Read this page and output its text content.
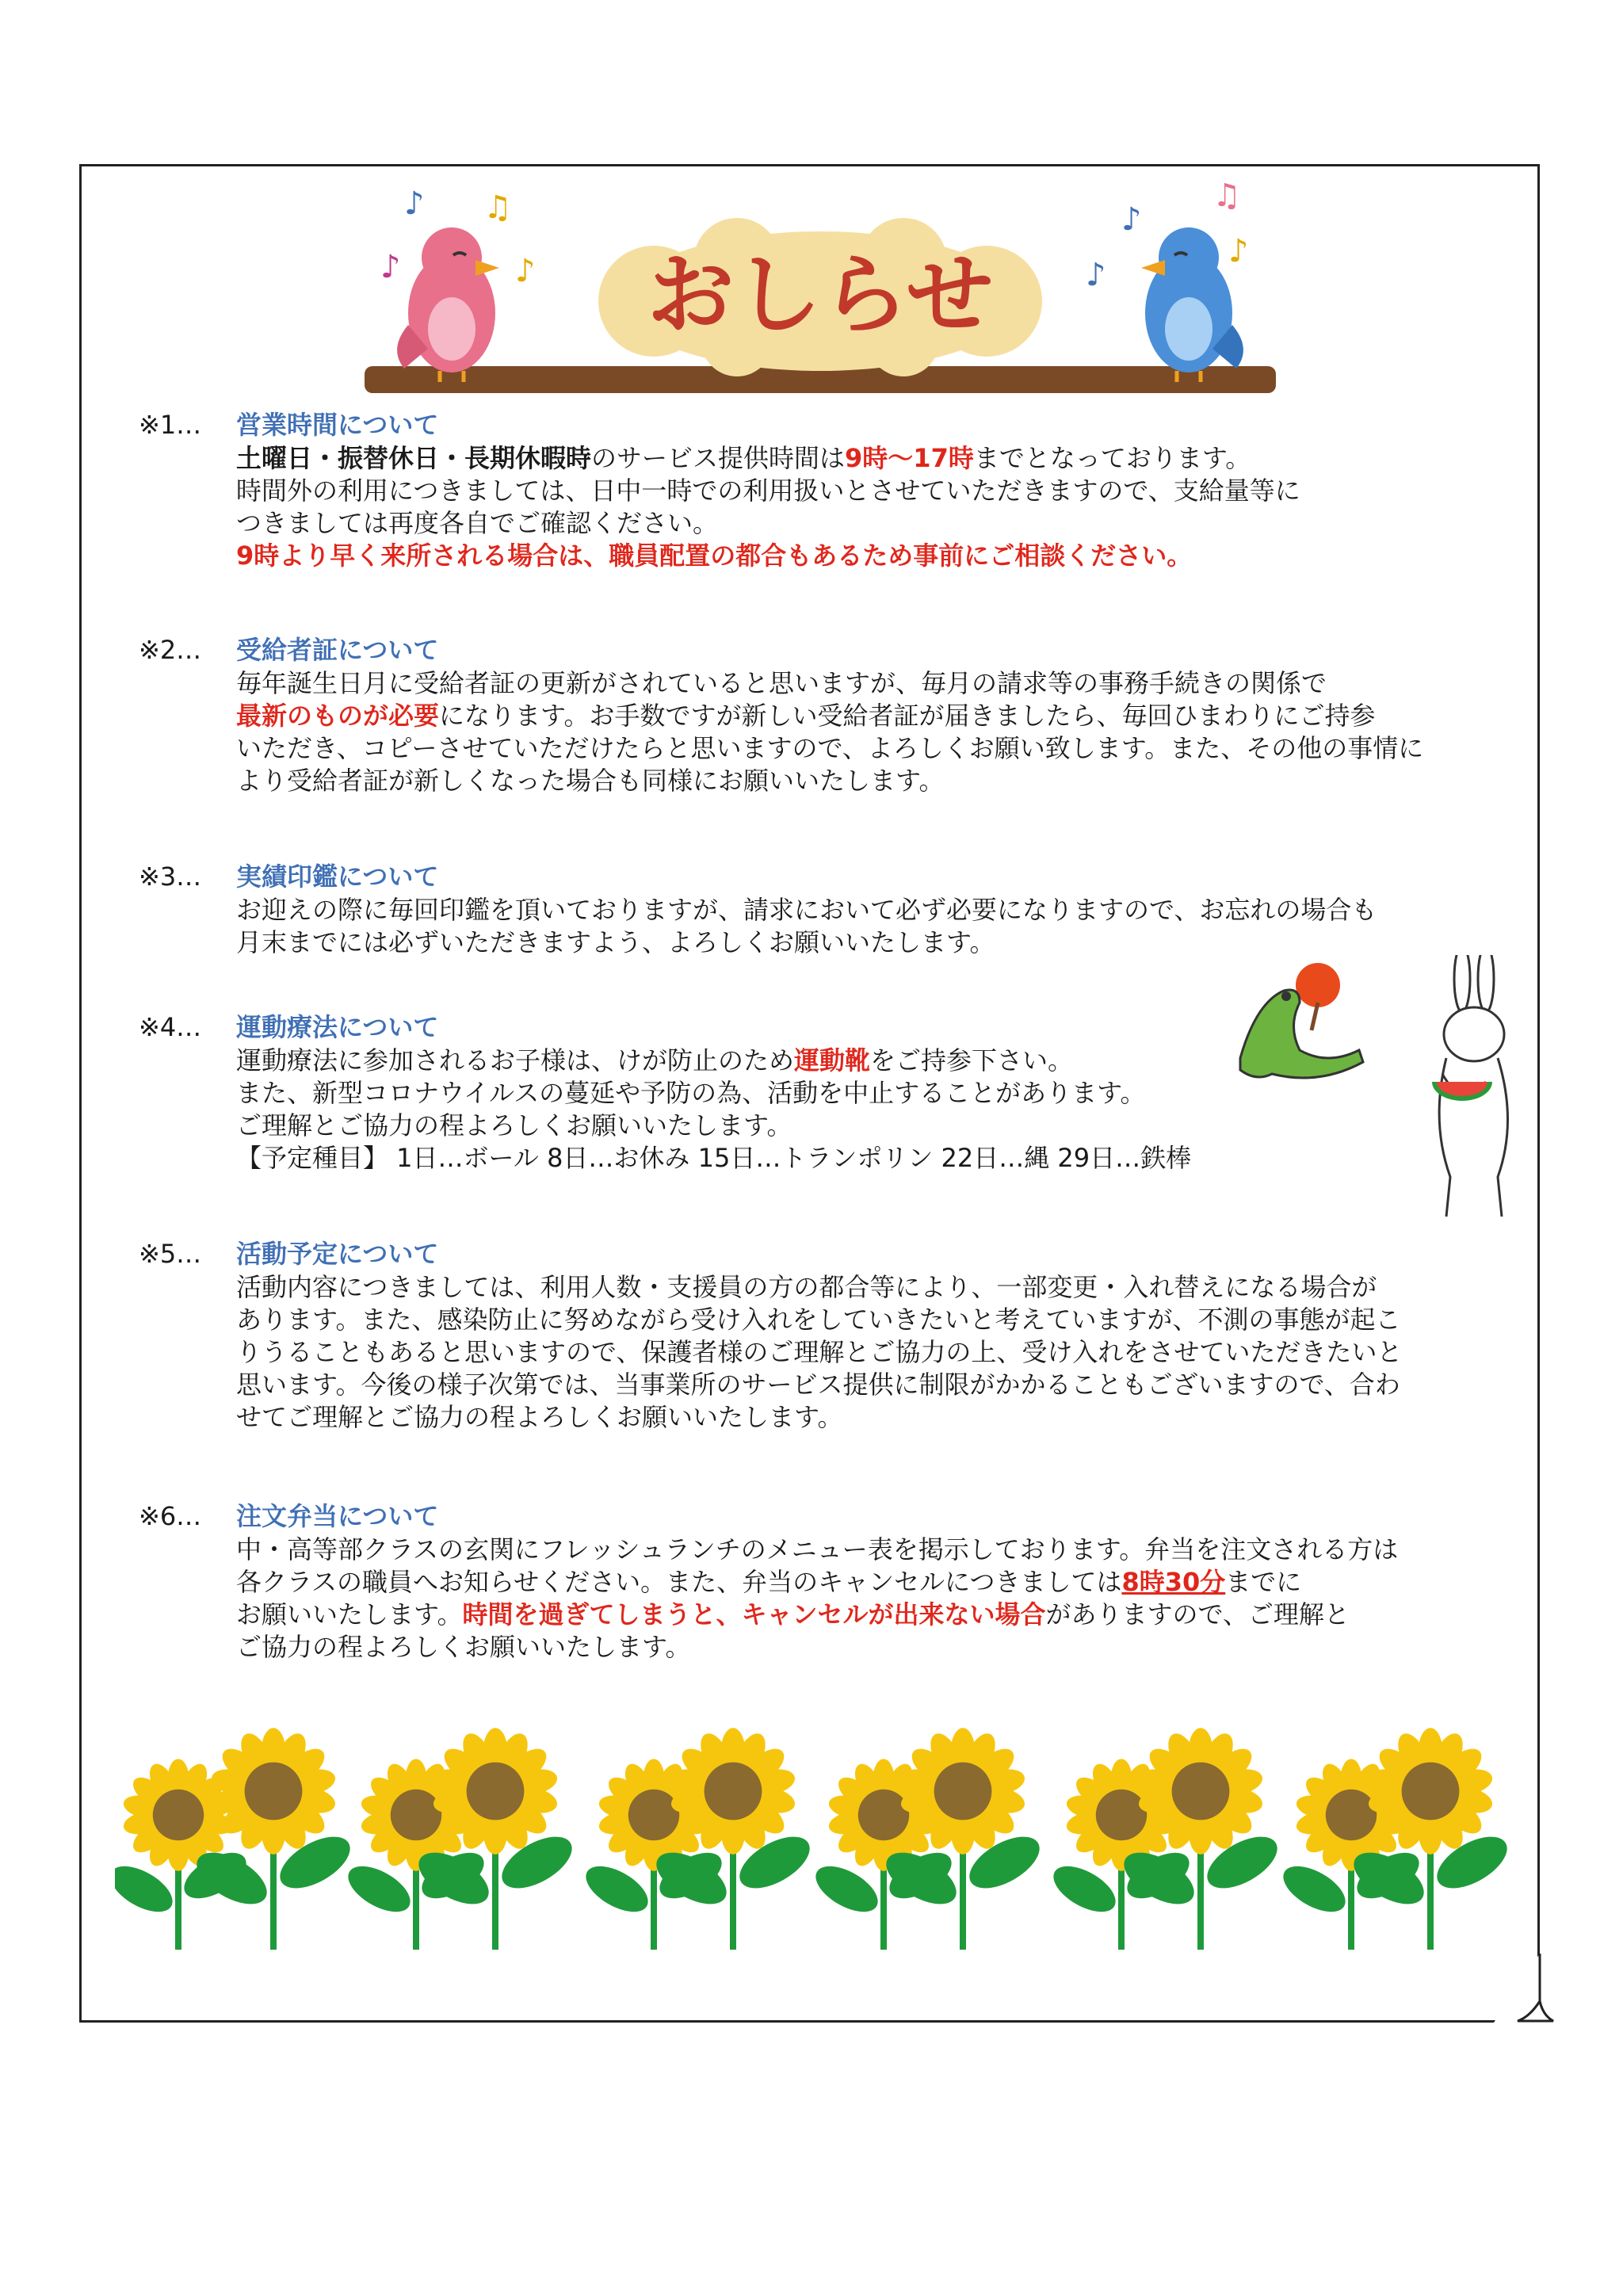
おしらせ
♪ ♫
♪	♪
♪
♫
♪
♪
※1…	営業時間について
土曜日・振替休日・長期休暇時のサービス提供時間は9時～17時までとなっております。
時間外の利用につきましては、日中一時での利用扱いとさせていただきますので、支給量等に
つきましては再度各自でご確認ください。
9時より早く来所される場合は、職員配置の都合もあるため事前にご相談ください。
※2…	受給者証について
毎年誕生日月に受給者証の更新がされていると思いますが、毎月の請求等の事務手続きの関係で
最新のものが必要になります。お手数ですが新しい受給者証が届きましたら、毎回ひまわりにご持参
いただき、コピーさせていただけたらと思いますので、よろしくお願い致します。また、その他の事情に
より受給者証が新しくなった場合も同様にお願いいたします。
※3…	実績印鑑について
お迎えの際に毎回印鑑を頂いておりますが、請求において必ず必要になりますので、お忘れの場合も
月末までには必ずいただきますよう、よろしくお願いいたします。
※4…	運動療法について
運動療法に参加されるお子様は、けが防止のため運動靴をご持参下さい。
また、新型コロナウイルスの蔓延や予防の為、活動を中止することがあります。
ご理解とご協力の程よろしくお願いいたします。
【予定種目】 1日…ボール 8日…お休み 15日…トランポリン 22日…縄 29日…鉄棒
※5…	活動予定について
活動内容につきましては、利用人数・支援員の方の都合等により、一部変更・入れ替えになる場合が
あります。また、感染防止に努めながら受け入れをしていきたいと考えていますが、不測の事態が起こ
りうることもあると思いますので、保護者様のご理解とご協力の上、受け入れをさせていただきたいと
思います。今後の様子次第では、当事業所のサービス提供に制限がかかることもございますので、合わ
せてご理解とご協力の程よろしくお願いいたします。
※6…	注文弁当について
中・高等部クラスの玄関にフレッシュランチのメニュー表を掲示しております。弁当を注文される方は
各クラスの職員へお知らせください。また、弁当のキャンセルにつきましては8時30分までに
お願いいたします。時間を過ぎてしまうと、キャンセルが出来ない場合がありますので、ご理解と
ご協力の程よろしくお願いいたします。
